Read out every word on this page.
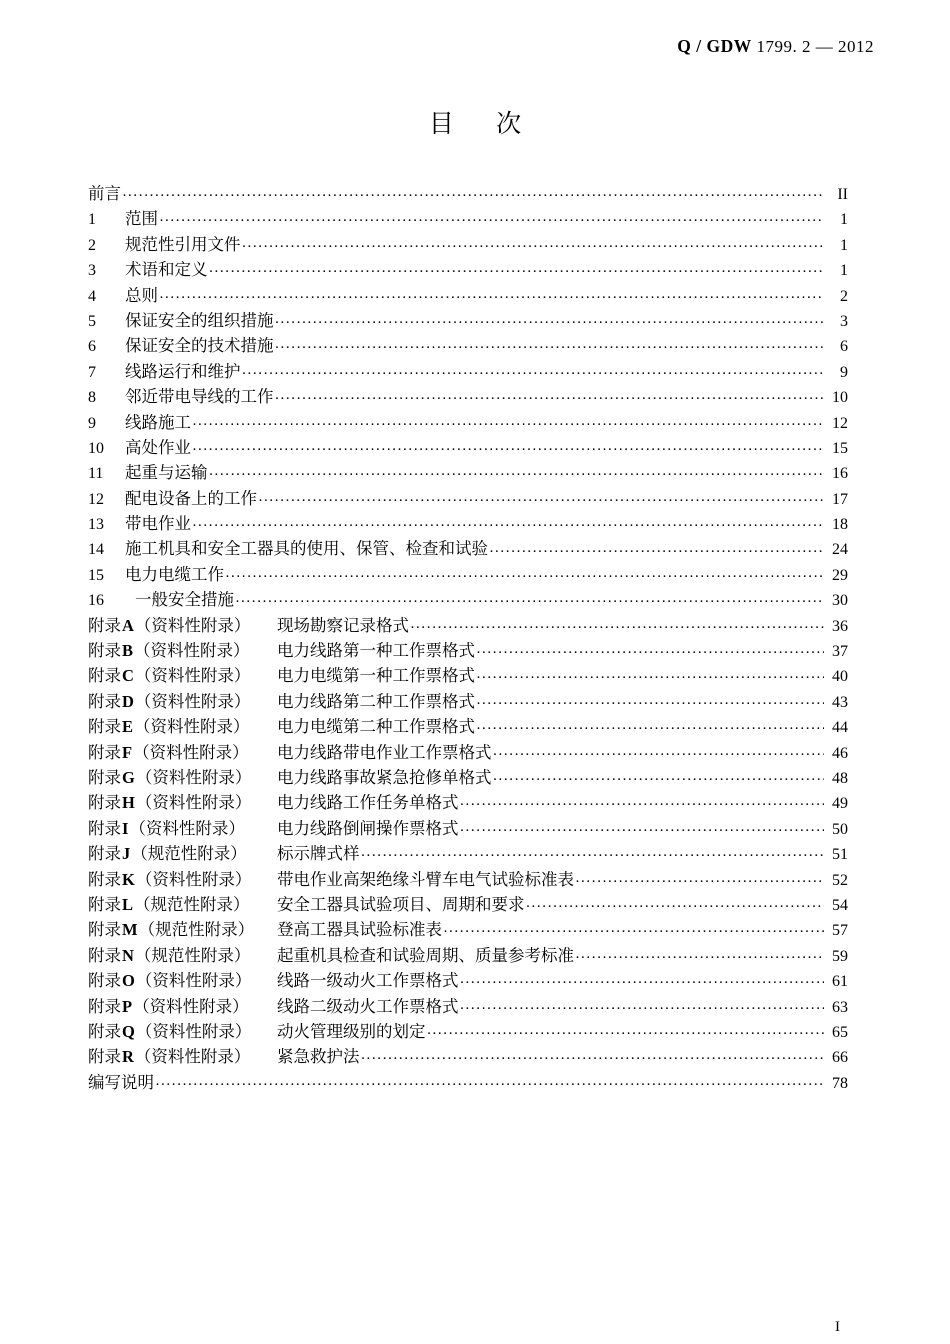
Q / GDW 1799. 2 — 2012
目 次
前言 ·····	II
1	范围 ·····	1
2	规范性引用文件 ·····	1
3	术语和定义 ·····	1
4	总则 ·····	2
5	保证安全的组织措施 ·····	3
6	保证安全的技术措施 ·····	6
7	线路运行和维护 ·····	9
8	邻近带电导线的工作 ·····	10
9	线路施工 ·····	12
10	高处作业 ·····	15
11	起重与运输 ·····	16
12	配电设备上的工作 ·····	17
13	带电作业 ·····	18
14	施工机具和安全工器具的使用、保管、检查和试验 ·····	24
15	电力电缆工作 ·····	29
16	一般安全措施 ·····	30
附录A（资料性附录）	现场勘察记录格式 ·····	36
附录B（资料性附录）	电力线路第一种工作票格式 ·····	37
附录C（资料性附录）	电力电缆第一种工作票格式 ·····	40
附录D（资料性附录）	电力线路第二种工作票格式 ·····	43
附录E（资料性附录）	电力电缆第二种工作票格式 ·····	44
附录F（资料性附录）	电力线路带电作业工作票格式 ·····	46
附录G（资料性附录）	电力线路事故紧急抢修单格式 ·····	48
附录H（资料性附录）	电力线路工作任务单格式 ·····	49
附录I（资料性附录）	电力线路倒闸操作票格式 ·····	50
附录J（规范性附录）	标示牌式样 ·····	51
附录K（资料性附录）	带电作业高架绝缘斗臂车电气试验标准表 ·····	52
附录L（规范性附录）	安全工器具试验项目、周期和要求 ·····	54
附录M（规范性附录）	登高工器具试验标准表 ·····	57
附录N（规范性附录）	起重机具检查和试验周期、质量参考标准 ·····	59
附录O（资料性附录）	线路一级动火工作票格式 ·····	61
附录P（资料性附录）	线路二级动火工作票格式 ·····	63
附录Q（资料性附录）	动火管理级别的划定 ·····	65
附录R（资料性附录）	紧急救护法 ·····	66
编写说明 ·····	78
I
